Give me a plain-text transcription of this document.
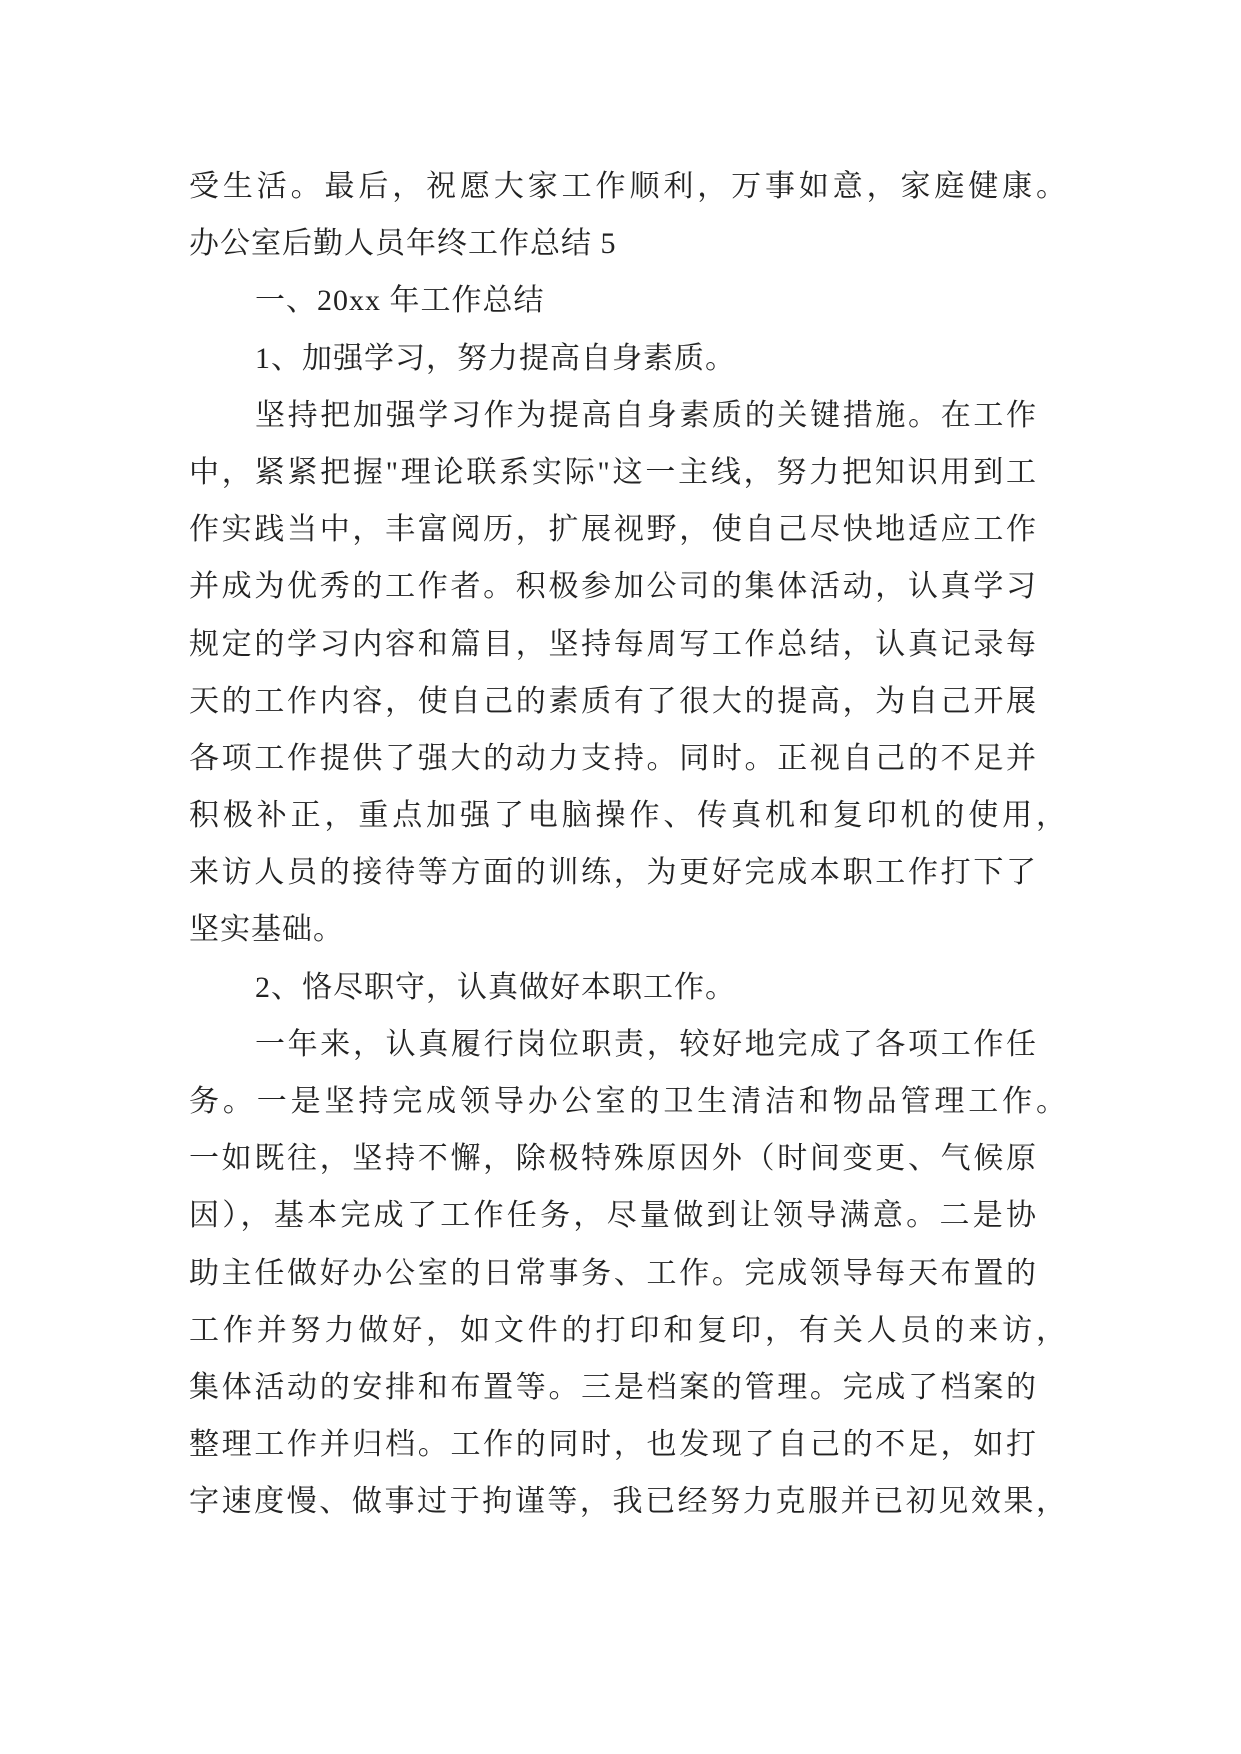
受生活。最后，祝愿大家工作顺利，万事如意，家庭健康。
办公室后勤人员年终工作总结 5
一、20xx 年工作总结
1、加强学习，努力提高自身素质。
坚持把加强学习作为提高自身素质的关键措施。在工作
中，紧紧把握"理论联系实际"这一主线，努力把知识用到工
作实践当中，丰富阅历，扩展视野，使自己尽快地适应工作
并成为优秀的工作者。积极参加公司的集体活动，认真学习
规定的学习内容和篇目，坚持每周写工作总结，认真记录每
天的工作内容，使自己的素质有了很大的提高，为自己开展
各项工作提供了强大的动力支持。同时。正视自己的不足并
积极补正，重点加强了电脑操作、传真机和复印机的使用，
来访人员的接待等方面的训练，为更好完成本职工作打下了
坚实基础。
2、恪尽职守，认真做好本职工作。
一年来，认真履行岗位职责，较好地完成了各项工作任
务。一是坚持完成领导办公室的卫生清洁和物品管理工作。
一如既往，坚持不懈，除极特殊原因外（时间变更、气候原
因），基本完成了工作任务，尽量做到让领导满意。二是协
助主任做好办公室的日常事务、工作。完成领导每天布置的
工作并努力做好，如文件的打印和复印，有关人员的来访，
集体活动的安排和布置等。三是档案的管理。完成了档案的
整理工作并归档。工作的同时，也发现了自己的不足，如打
字速度慢、做事过于拘谨等，我已经努力克服并已初见效果，
